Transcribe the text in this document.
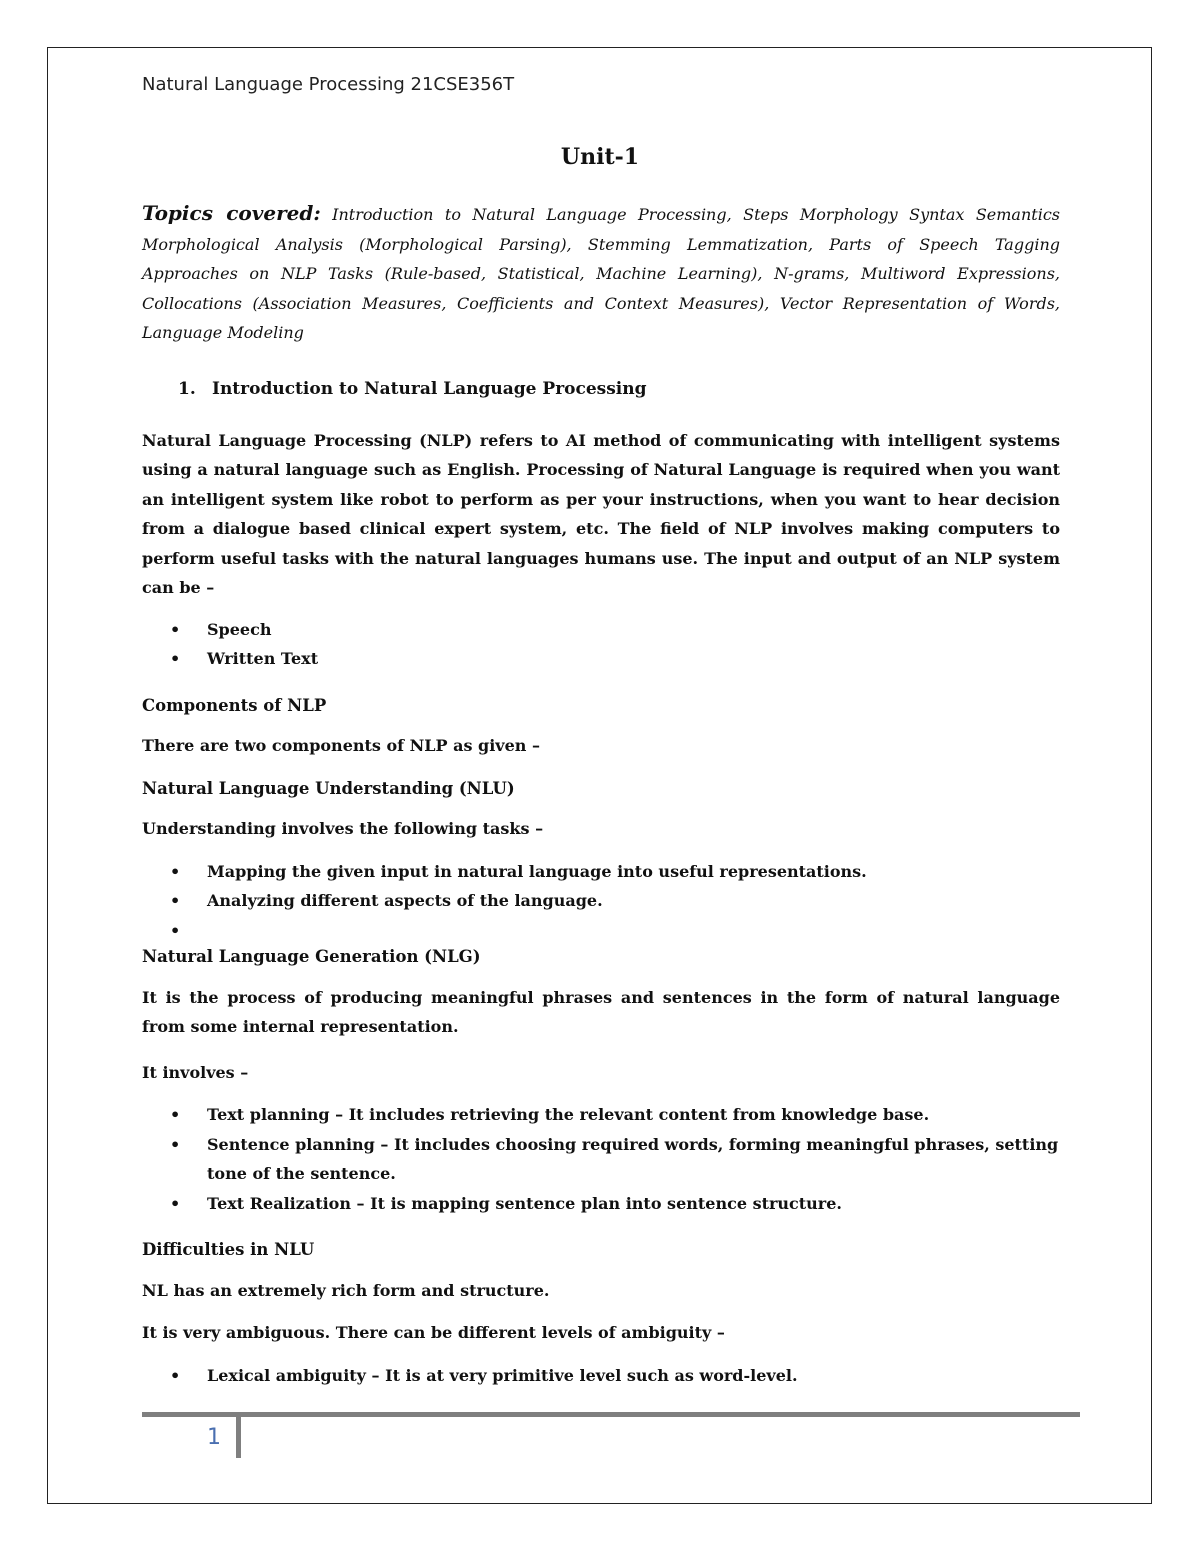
Natural Language Processing 21CSE356T
Unit-1

Topics covered: Introduction to Natural Language Processing, Steps Morphology Syntax Semantics Morphological Analysis (Morphological Parsing), Stemming Lemmatization, Parts of Speech Tagging Approaches on NLP Tasks (Rule-based, Statistical, Machine Learning), N-grams, Multiword Expressions, Collocations (Association Measures, Coefficients and Context Measures), Vector Representation of Words, Language Modeling

1. Introduction to Natural Language Processing

Natural Language Processing (NLP) refers to AI method of communicating with intelligent systems using a natural language such as English. Processing of Natural Language is required when you want an intelligent system like robot to perform as per your instructions, when you want to hear decision from a dialogue based clinical expert system, etc. The field of NLP involves making computers to perform useful tasks with the natural languages humans use. The input and output of an NLP system can be –

• Speech
• Written Text
Components of NLP

There are two components of NLP as given –

Natural Language Understanding (NLU)

Understanding involves the following tasks –

• Mapping the given input in natural language into useful representations.
• Analyzing different aspects of the language.
•
Natural Language Generation (NLG)

It is the process of producing meaningful phrases and sentences in the form of natural language from some internal representation.

It involves –

• Text planning – It includes retrieving the relevant content from knowledge base.
• Sentence planning – It includes choosing required words, forming meaningful phrases, setting tone of the sentence.
• Text Realization – It is mapping sentence plan into sentence structure.
Difficulties in NLU

NL has an extremely rich form and structure.

It is very ambiguous. There can be different levels of ambiguity –

• Lexical ambiguity – It is at very primitive level such as word-level.
1
